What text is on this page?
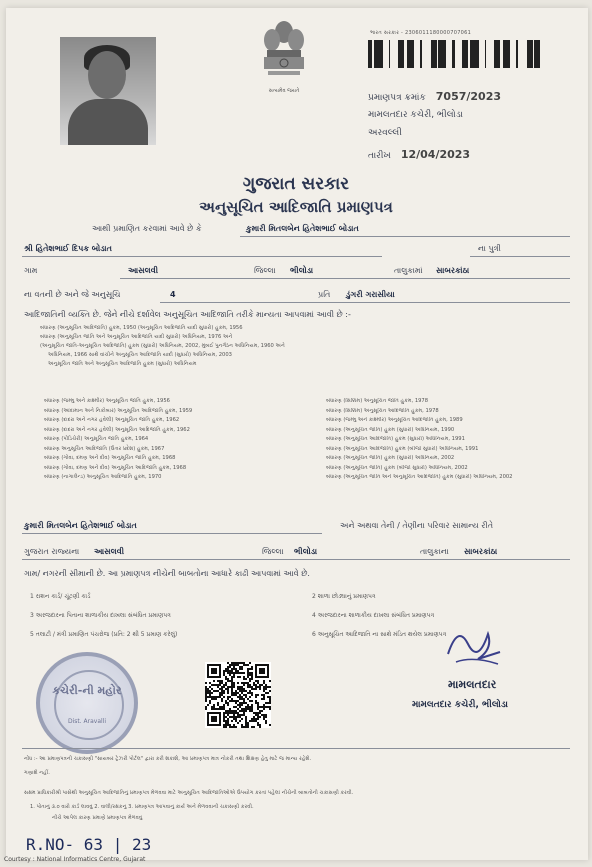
સત્યમેવ જયતે
ભારત સરકાર - 2306011180000707061
પ્રમાણપત્ર ક્રમાંક 7057/2023
મામલતદાર કચેરી, ભીલોડા
અરવલ્લી
તારીખ 12/04/2023
ગુજરાત સરકાર
અનુસૂચિત આદિજાતિ પ્રમાણપત્ર
આથી પ્રમાણિત કરવામાં આવે છે કે	કુમારી મિતલબેન હિતેશભાઈ બોડાત
શ્રી હિતેશભાઈ દિપક બોડાત	ના પુત્રી
ગામ	આસલવી	જિલ્લા ભીલોડા	તાલુકામાં સાબરકાંઠા
ના વતની છે અને જે અનુસૂચિ	4	પ્રતિ ડુંગરી ગરાસીયા
આદિજાતિની વ્યક્તિ છે. જેને નીચે દર્શાવેલ અનુસૂચિત આદિજાતિ તરીકે માન્યતા આપવામાં આવી છે :-
બંધારણ (અનુસૂચિત આદિજાતિ) હુકમ, 1950 (અનુસૂચિત આદિજાતિ યાદી સુધારો) હુકમ, 1956
બંધારણ (અનુસૂચિત જાતિ અને અનુસૂચિત આદિજાતિ યાદી સુધારો) અધિનિયમ, 1976 અને
(અનુસૂચિત જાતિ-અનુસૂચિત આદિજાતિ) હુકમ (સુધારો) અધિનિયમ, 2002, મુંબઈ પુનર્ગઠન અધિનિયમ, 1960 અને
અધિનિયમ, 1966 સાથે વાંચીને અનુસૂચિત આદિજાતિ યાદી (સુધારો) અધિનિયમ, 2003
અનુસૂચિત જાતિ અને અનુસૂચિત આદિજાતિ હુકમ (સુધારો) અધિનિયમ
બંધારણ (જમ્મુ અને કાશ્મીર) અનુસૂચિત જાતિ હુકમ, 1956
બંધારણ (આંદામાન અને નિકોબાર) અનુસૂચિત આદિજાતિ હુકમ, 1959
બંધારણ (દાદરા અને નગર હવેલી) અનુસૂચિત જાતિ હુકમ, 1962
બંધારણ (દાદરા અને નગર હવેલી) અનુસૂચિત આદિજાતિ હુકમ, 1962
બંધારણ (પોંડિચેરી) અનુસૂચિત જાતિ હુકમ, 1964
બંધારણ અનુસૂચિત આદિજાતિ (ઉત્તર પ્રદેશ) હુકમ, 1967
બંધારણ (ગોવા, દમણ અને દીવ) અનુસૂચિત જાતિ હુકમ, 1968
બંધારણ (ગોવા, દમણ અને દીવ) અનુસૂચિત આદિજાતિ હુકમ, 1968
બંધારણ (નાગાલેન્ડ) અનુસૂચિત આદિજાતિ હુકમ, 1970
બંધારણ (સિક્કિમ) અનુસૂચિત જાતિ હુકમ, 1978
બંધારણ (સિક્કિમ) અનુસૂચિત આદિજાતિ હુકમ, 1978
બંધારણ (જમ્મુ અને કાશ્મીર) અનુસૂચિત આદિજાતિ હુકમ, 1989
બંધારણ (અનુસૂચિત જાતિ) હુકમ (સુધારો) અધિનિયમ, 1990
બંધારણ (અનુસૂચિત આદિજાતિ) હુકમ (સુધારો) અધિનિયમ, 1991
બંધારણ (અનુસૂચિત આદિજાતિ) હુકમ (બીજો સુધારો) અધિનિયમ, 1991
બંધારણ (અનુસૂચિત જાતિ) હુકમ (સુધારો) અધિનિયમ, 2002
બંધારણ (અનુસૂચિત જાતિ) હુકમ (બીજો સુધારો) અધિનિયમ, 2002
બંધારણ (અનુસૂચિત જાતિ અને અનુસૂચિત આદિજાતિ) હુકમ (સુધારો) અધિનિયમ, 2002
કુમારી મિતલબેન હિતેશભાઈ બોડાત	અને અથવા તેની / તેણીના પરિવાર સામાન્ય રીતે
ગુજરાત રાજ્યના આસલવી	જિલ્લા ભીલોડા	તાલુકાના સાબરકાંઠા
ગામ/ નગરની સીમાની છે. આ પ્રમાણપત્ર નીચેની બાબતોના આધારે કાઢી આપવામાં આવે છે.
1 રાશન કાર્ડ/ ચૂંટણી કાર્ડ	2 શાળા છોડ્યાનું પ્રમાણપત્ર
3 અરજદારના પિતાના શાળાકીય દાખલા સંબંધિત પ્રમાણપત્ર	4 અરજદારના શાળાકીય દાખલા સંબંધિત પ્રમાણપત્ર
5 તલાટી / મંત્રી પ્રમાણિત પંચરોજ (પ્રતિ: 2 થી 5 પ્રમાણ કરેલું)	6 અનુસૂચિત આદિજાતિ ના સાથે મંડિત થયેલ પ્રમાણપત્ર
કચેરી-ની મહોર
Dist. Aravalli
મામલતદાર
મામલતદાર કચેરી, ભીલોડા
નોંધ :- આ પ્રમાણપત્રની ચકાસણી "સાયબર ટ્રેઝરી પોર્ટલ" દ્વારા કરી શકાશે, આ પ્રમાણપત્ર માત્ર નોકરી તથા શિક્ષણ હેતુ માટે જ માન્ય રહેશે.
ગણાશે નહીં.
સક્ષમ પ્રાધિકારીશ્રી પાસેથી અનુસૂચિત આદિજાતિનું પ્રમાણપત્ર મેળવવા માટે અનુસૂચિત આદિજાતિઓએ ઉપયોગ કરતાં પહેલાં નીચેની બાબતોની ચકાસણી કરવી.
1. પોતાનું ૩.૦ વારો કાર્ડ લાવવું 2. વાલી/રક્ષકનું 3. પ્રમાણપત્ર આપવાનું કાર્ય અને મેળવવાની ચકાસણી કરવી.
નીચે આપેલ કારણ પ્રમાણે પ્રમાણપત્ર મેળવવું
R.NO- 63 | 23
Courtesy : National Informatics Centre, Gujarat
